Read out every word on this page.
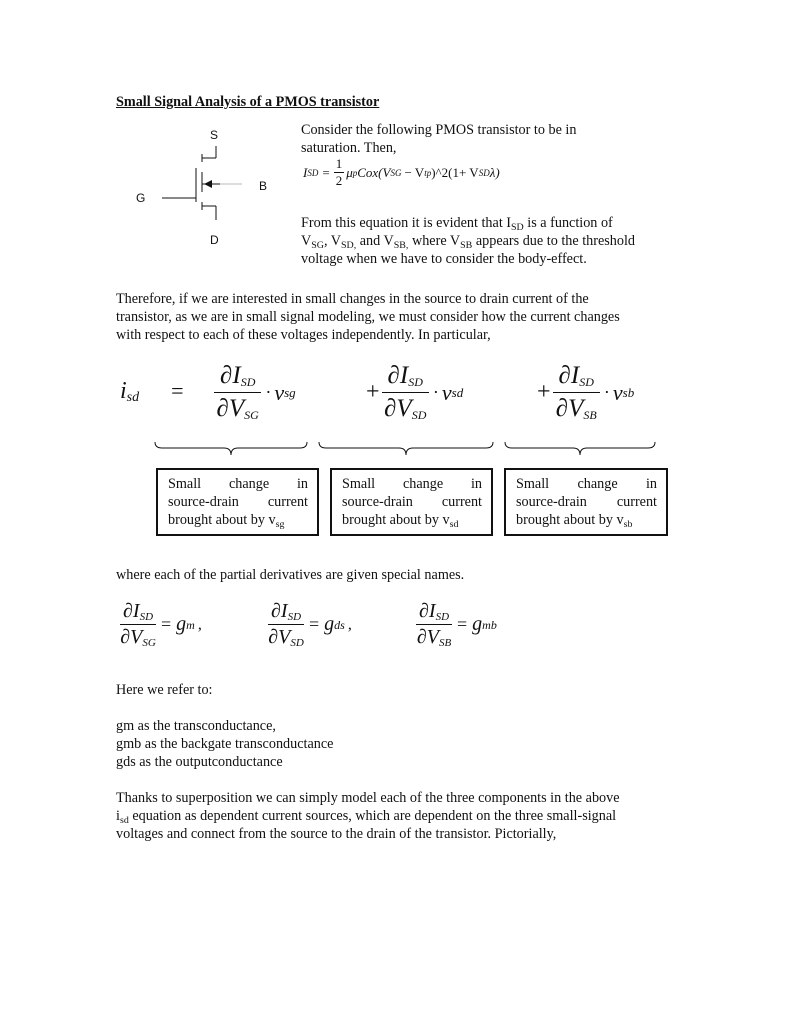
Small Signal Analysis of a PMOS transistor
S
G
B
D
Consider the following PMOS transistor to be in
saturation. Then,
I SD = $\frac{1}{2}$ μ p Cox(V SG − V tp )^2(1+ V SD λ)
From this equation it is evident that $I_{SD}$ is a function of
$V_{SG}$, $V_{SD,}$ and $V_{SB,}$ where $V_{SB}$ appears due to the threshold
voltage when we have to consider the body-effect.
Therefore, if we are interested in small changes in the source to drain current of the
transistor, as we are in small signal modeling, we must consider how the current changes
with respect to each of these voltages independently. In particular,
$i_{sd} = \frac{\partial I_{SD}}{\partial V_{SG}} \cdot v$ sg	+ $\frac{\partial I_{SD}}{\partial V_{SD}} \cdot v$ sd	+ $\frac{\partial I_{SD}}{\partial V_{SB}} \cdot v$ sb
Small change in
source-drain current
brought about by $v_{sg}$
Small change in
source-drain current
brought about by $v_{sd}$
Small change in
source-drain current
brought about by $v_{sb}$
where each of the partial derivatives are given special names.
$\frac{\partial I_{SD}}{\partial V_{SG}} = g$ m ,	$\frac{\partial I_{SD}}{\partial V_{SD}} = g$ ds ,	$\frac{\partial I_{SD}}{\partial V_{SB}} = g$ mb
Here we refer to:
gm as the transconductance,
gmb as the backgate transconductance
gds as the outputconductance
Thanks to superposition we can simply model each of the three components in the above
$i_{sd}$ equation as dependent current sources, which are dependent on the three small-signal
voltages and connect from the source to the drain of the transistor. Pictorially,
